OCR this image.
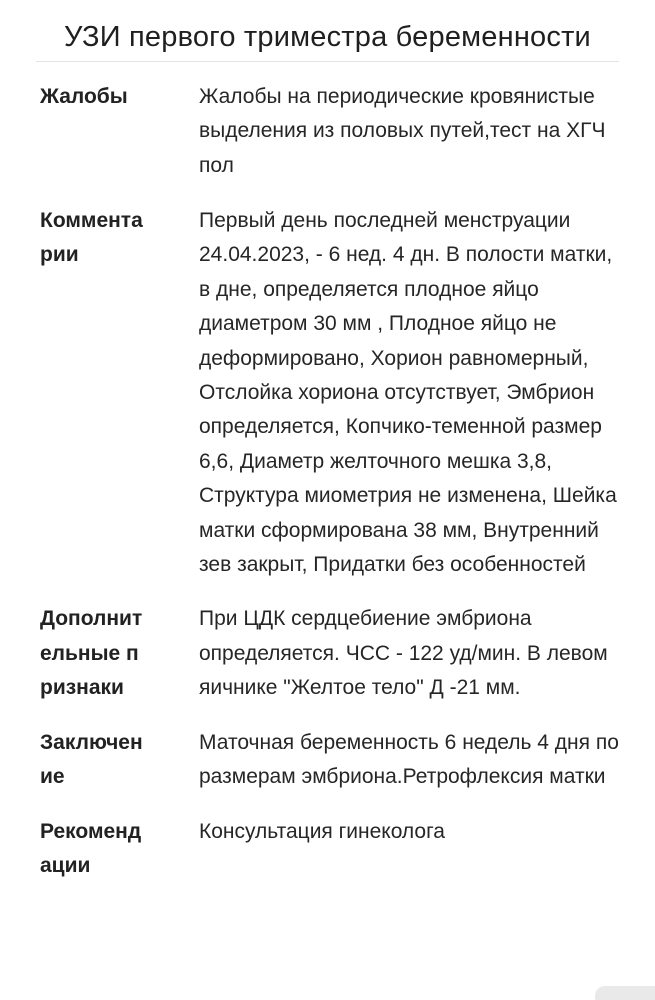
УЗИ первого триместра беременности
Жалобы	Жалобы на периодические кровянистые выделения из половых путей,тест на ХГЧ пол
Комментарии
Первый день последней менструации 24.04.2023, - 6 нед. 4 дн. В полости матки, в дне, определяется плодное яйцо диаметром 30 мм , Плодное яйцо не деформировано, Хорион равномерный, Отслойка хориона отсутствует, Эмбрион определяется, Копчико-теменной размер 6,6, Диаметр желточного мешка 3,8, Структура миометрия не изменена, Шейка матки сформирована 38 мм, Внутренний зев закрыт, Придатки без особенностей
Дополнительные признаки
При ЦДК сердцебиение эмбриона определяется. ЧСС - 122 уд/мин. В левом яичнике "Желтое тело" Д -21 мм.
Заключение
Маточная беременность 6 недель 4 дня по размерам эмбриона.Ретрофлексия матки
Рекомендации
Консультация гинеколога
